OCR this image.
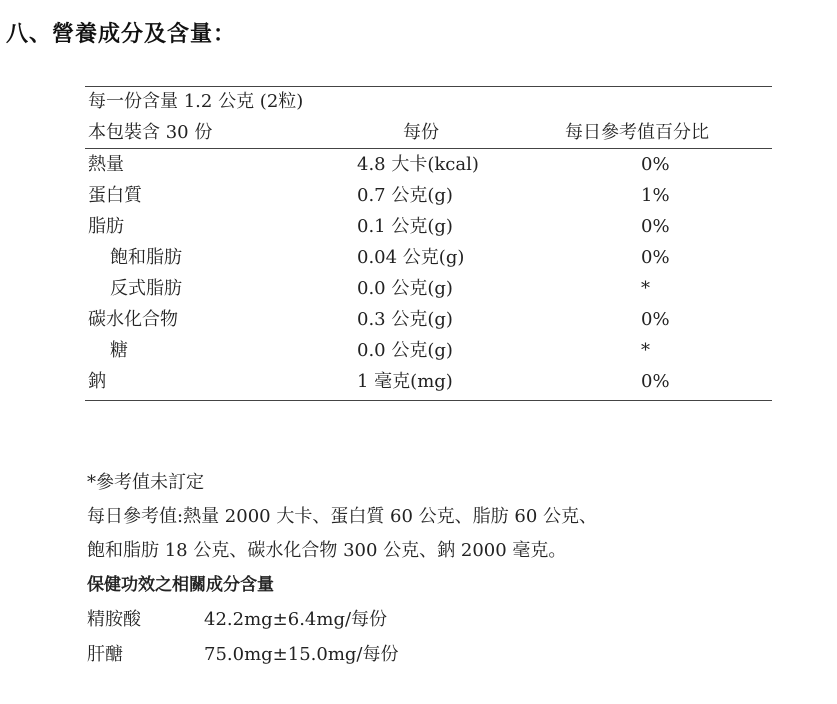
八、營養成分及含量：
每一份含量 1.2 公克 (2粒)
本包裝含 30 份	每份	每日參考值百分比
熱量	4.8 大卡(kcal)	0%
蛋白質	0.7 公克(g)	1%
脂肪	0.1 公克(g)	0%
飽和脂肪	0.04 公克(g)	0%
反式脂肪	0.0 公克(g)	*
碳水化合物	0.3 公克(g)	0%
糖	0.0 公克(g)	*
鈉	1 毫克(mg)	0%
*參考值未訂定
每日參考值:熱量 2000 大卡、蛋白質 60 公克、脂肪 60 公克、
飽和脂肪 18 公克、碳水化合物 300 公克、鈉 2000 毫克。
保健功效之相關成分含量
精胺酸	42.2mg±6.4mg/每份
肝醣	75.0mg±15.0mg/每份
